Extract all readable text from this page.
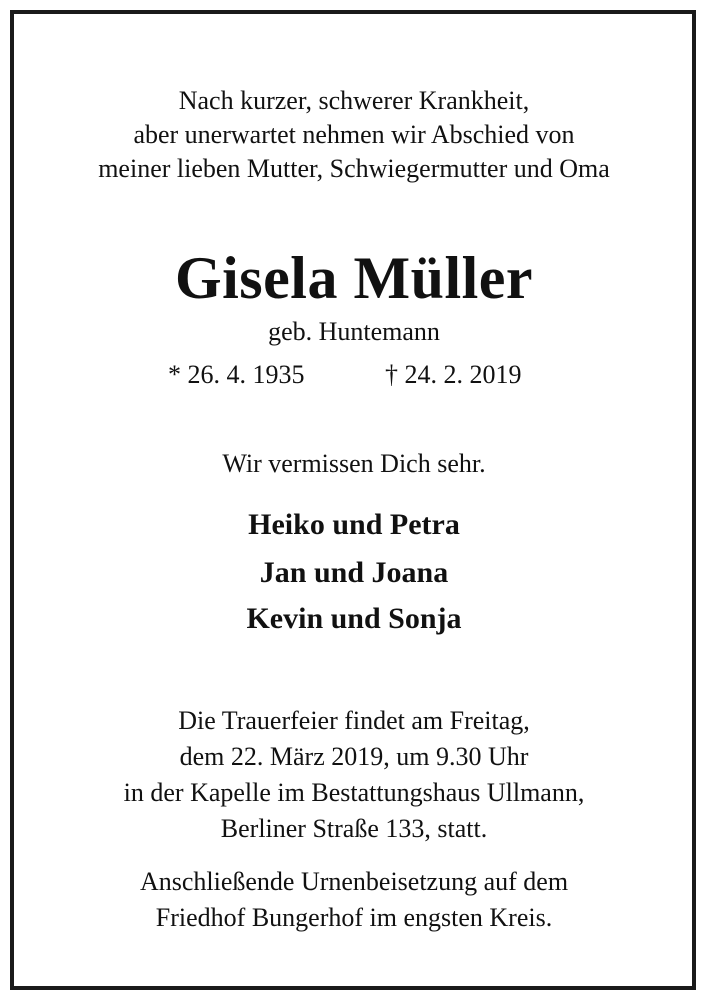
Nach kurzer, schwerer Krankheit,
aber unerwartet nehmen wir Abschied von
meiner lieben Mutter, Schwiegermutter und Oma
Gisela Müller
geb. Huntemann
* 26. 4. 1935	† 24. 2. 2019
Wir vermissen Dich sehr.
Heiko und Petra
Jan und Joana
Kevin und Sonja
Die Trauerfeier findet am Freitag,
dem 22. März 2019, um 9.30 Uhr
in der Kapelle im Bestattungshaus Ullmann,
Berliner Straße 133, statt.
Anschließende Urnenbeisetzung auf dem
Friedhof Bungerhof im engsten Kreis.
